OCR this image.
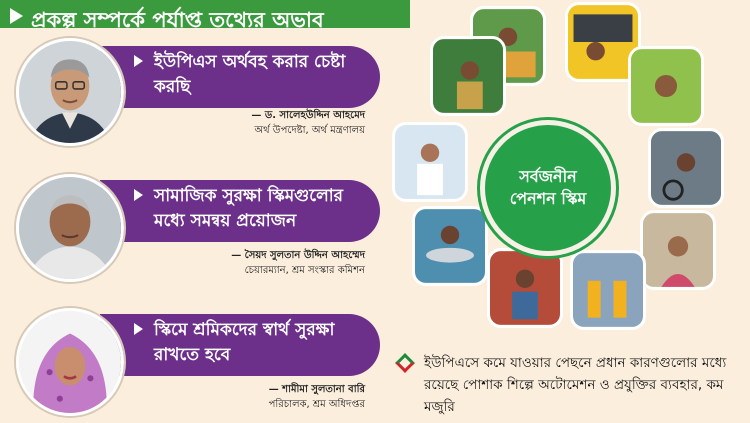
প্রকল্প সম্পর্কে পর্যাপ্ত তথ্যের অভাব
ইউপিএস অর্থবহ করার চেষ্টা করছি
— ড. সালেহউদ্দিন আহমেদ
অর্থ উপদেষ্টা, অর্থ মন্ত্রণালয়
সামাজিক সুরক্ষা স্কিমগুলোর মধ্যে সমন্বয় প্রয়োজন
— সৈয়দ সুলতান উদ্দিন আহম্মেদ
চেয়ারম্যান, শ্রম সংস্কার কমিশন
স্কিমে শ্রমিকদের স্বার্থ সুরক্ষা রাখতে হবে
— শামীমা সুলতানা বারি
পরিচালক, শ্রম অধিদপ্তর
সর্বজনীন
পেনশন স্কিম
ইউপিএসে কমে যাওয়ার পেছনে প্রধান কারণগুলোর মধ্যে রয়েছে পোশাক শিল্পে অটোমেশন ও প্রযুক্তির ব্যবহার, কম মজুরি
